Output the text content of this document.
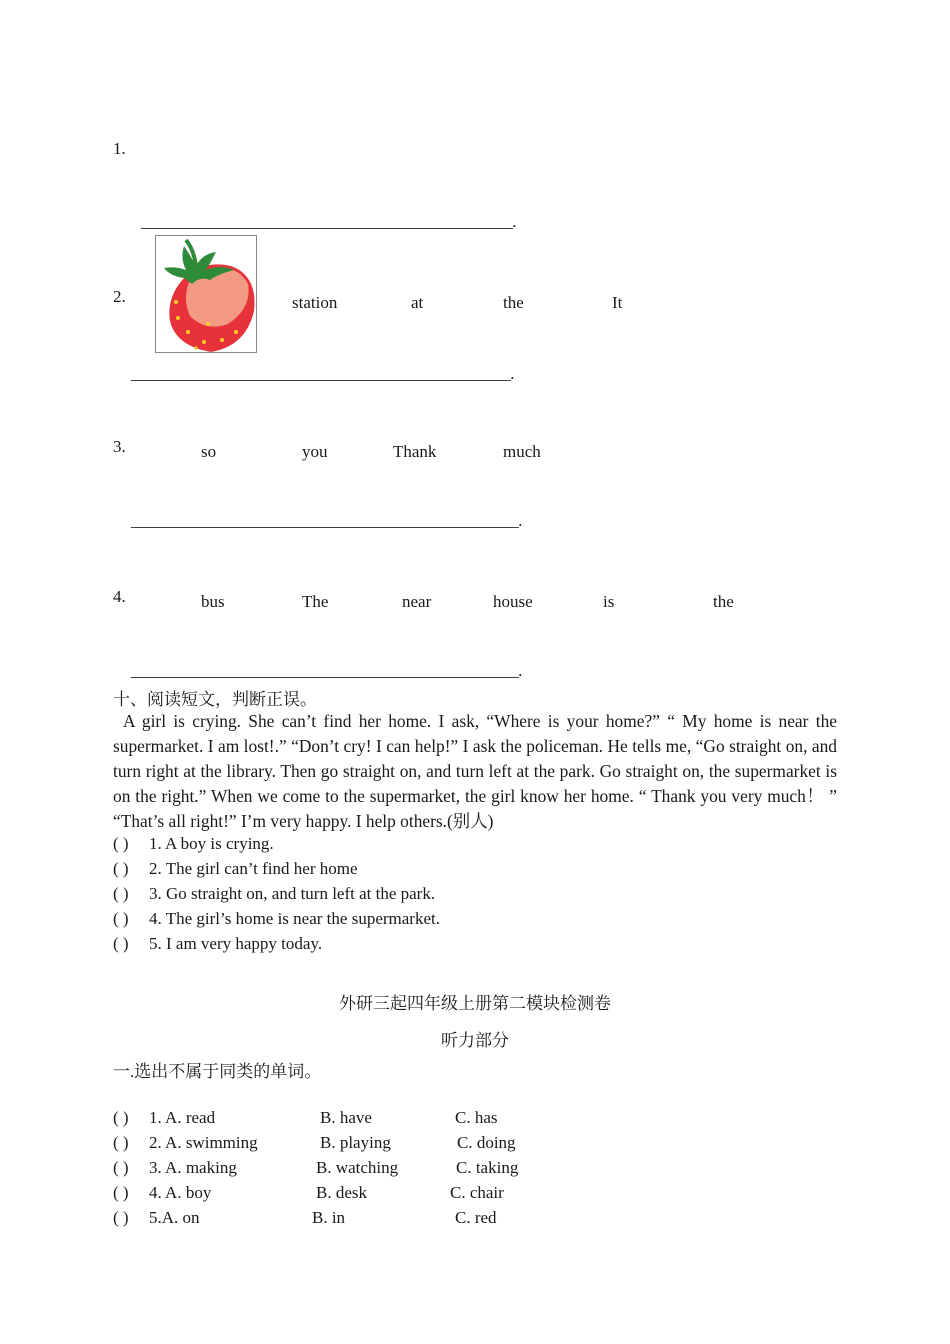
1.
_______________________________________________.
2.	station	at	the	It
________________________________________________.
3.	so	you	Thank	much
_________________________________________________.
4.	bus	The	near	house	is	the
_________________________________________________.
十、阅读短文，判断正误。

A girl is crying. She can’t find her home. I ask, “Where is your home?” “ My home is near the supermarket. I am lost!.” “Don’t cry! I can help!” I ask the policeman. He tells me, “Go straight on, and turn right at the library. Then go straight on, and turn left at the park. Go straight on, the supermarket is on the right.” When we come to the supermarket, the girl know her home. “ Thank you very much！ ” “That’s all right!” I’m very happy. I help others.(别人)

( ) 1. A boy is crying.
( ) 2. The girl can’t find her home
( ) 3. Go straight on, and turn left at the park.
( ) 4. The girl’s home is near the supermarket.
( ) 5. I am very happy today.
外研三起四年级上册第二模块检测卷
听力部分
一.选出不属于同类的单词。
( ) 1. A. read	B. have	C. has
( ) 2. A. swimming	B. playing	C. doing
( ) 3. A. making	B. watching	C. taking
( ) 4. A. boy	B. desk	C. chair
( ) 5.A. on	B. in	C. red
